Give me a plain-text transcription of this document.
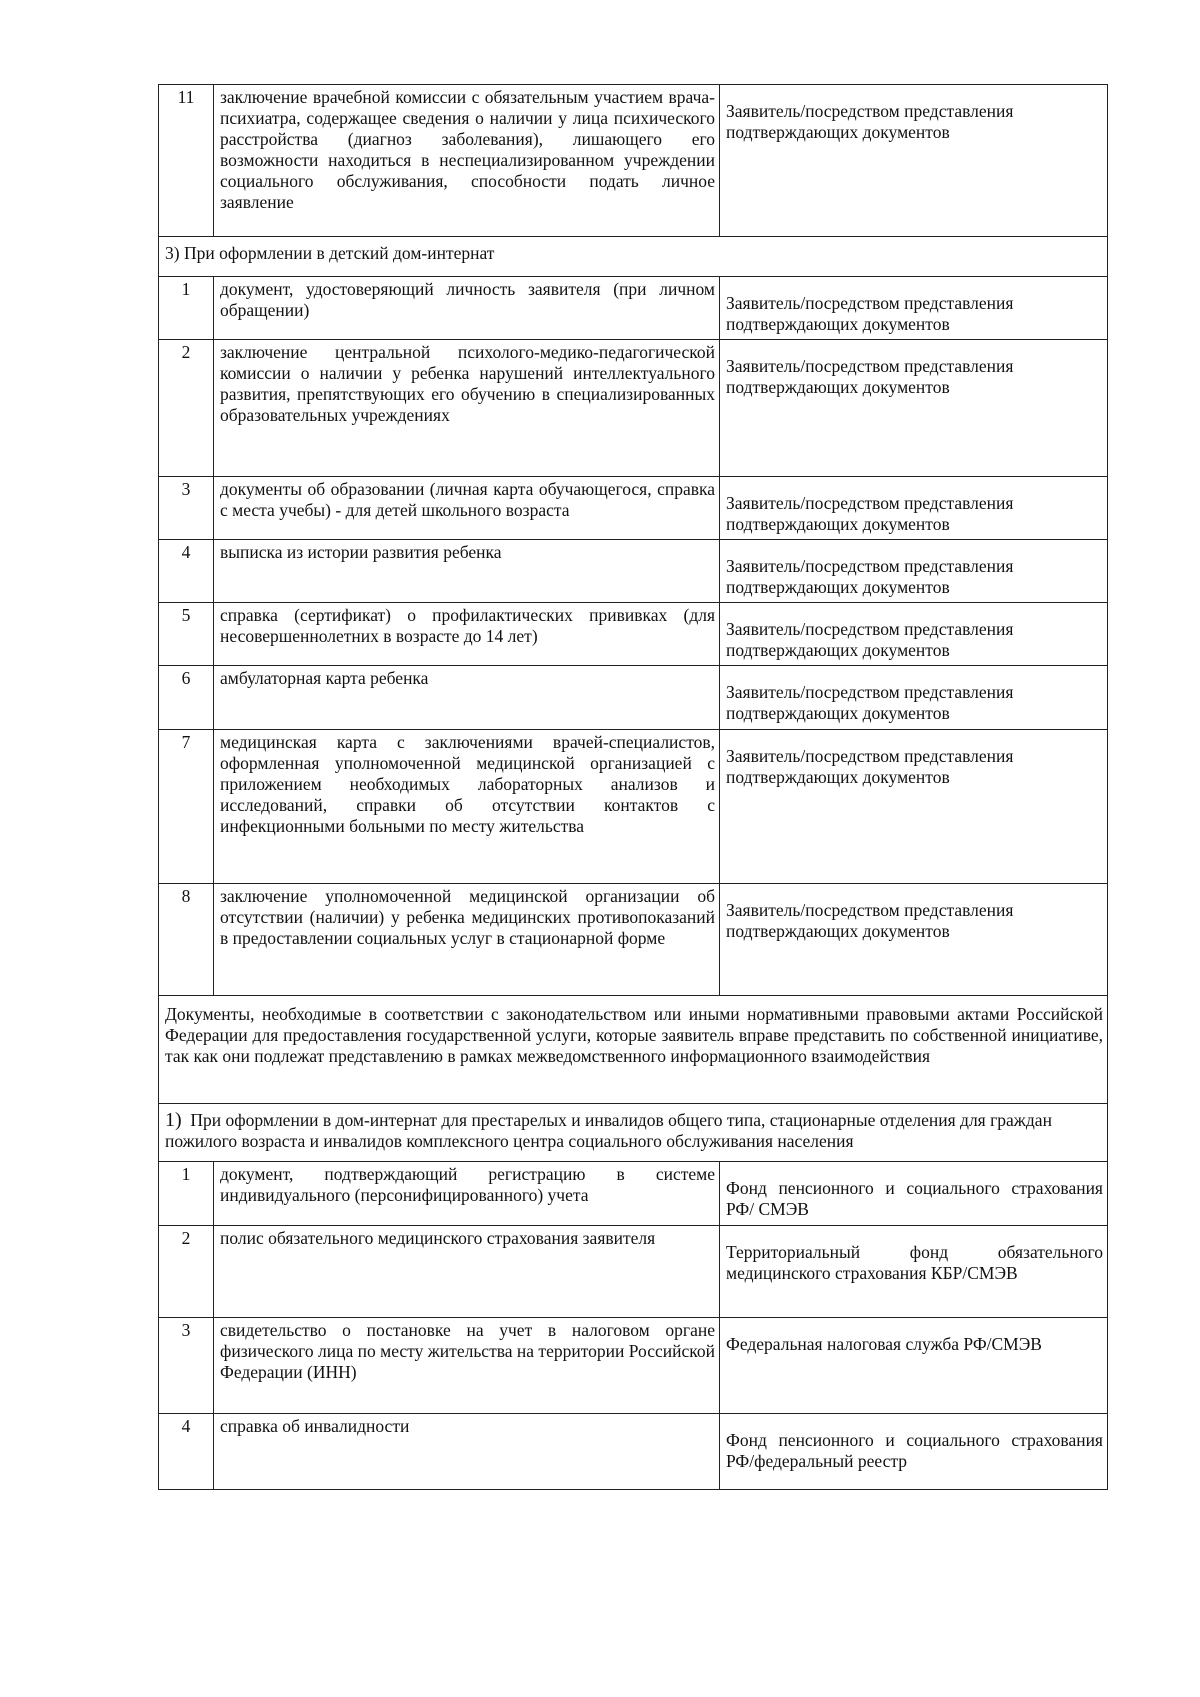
11	заключение врачебной комиссии с обязательным участием врача-психиатра, содержащее сведения о наличии у лица психического расстройства (диагноз заболевания), лишающего его возможности находиться в неспециализированном учреждении социального обслуживания, способности подать личное заявление	Заявитель/посредством представления подтверждающих документов
3) При оформлении в детский дом-интернат		
1	документ, удостоверяющий личность заявителя (при личном обращении)	Заявитель/посредством представления подтверждающих документов
2	заключение центральной психолого-медико-педагогической комиссии о наличии у ребенка нарушений интеллектуального развития, препятствующих его обучению в специализированных образовательных учреждениях	Заявитель/посредством представления подтверждающих документов
3	документы об образовании (личная карта обучающегося, справка с места учебы) - для детей школьного возраста	Заявитель/посредством представления подтверждающих документов
4	выписка из истории развития ребенка	Заявитель/посредством представления подтверждающих документов
5	справка (сертификат) о профилактических прививках (для несовершеннолетних в возрасте до 14 лет)	Заявитель/посредством представления подтверждающих документов
6	амбулаторная карта ребенка	Заявитель/посредством представления подтверждающих документов
7	медицинская карта с заключениями врачей-специалистов, оформленная уполномоченной медицинской организацией с приложением необходимых лабораторных анализов и исследований, справки об отсутствии контактов с инфекционными больными по месту жительства	Заявитель/посредством представления подтверждающих документов
8	заключение уполномоченной медицинской организации об отсутствии (наличии) у ребенка медицинских противопоказаний в предоставлении социальных услуг в стационарной форме	Заявитель/посредством представления подтверждающих документов
Документы, необходимые в соответствии с законодательством или иными нормативными правовыми актами Российской Федерации для предоставления государственной услуги, которые заявитель вправе представить по собственной инициативе, так как они подлежат представлению в рамках межведомственного информационного взаимодействия		
1) При оформлении в дом-интернат для престарелых и инвалидов общего типа, стационарные отделения для граждан пожилого возраста и инвалидов комплексного центра социального обслуживания населения		
1	документ, подтверждающий регистрацию в системе индивидуального (персонифицированного) учета	Фонд пенсионного и социального страхования РФ/ СМЭВ
2	полис обязательного медицинского страхования заявителя	Территориальный фонд обязательного медицинского страхования КБР/СМЭВ
3	свидетельство о постановке на учет в налоговом органе физического лица по месту жительства на территории Российской Федерации (ИНН)	Федеральная налоговая служба РФ/СМЭВ
4	справка об инвалидности	Фонд пенсионного и социального страхования РФ/федеральный реестр
